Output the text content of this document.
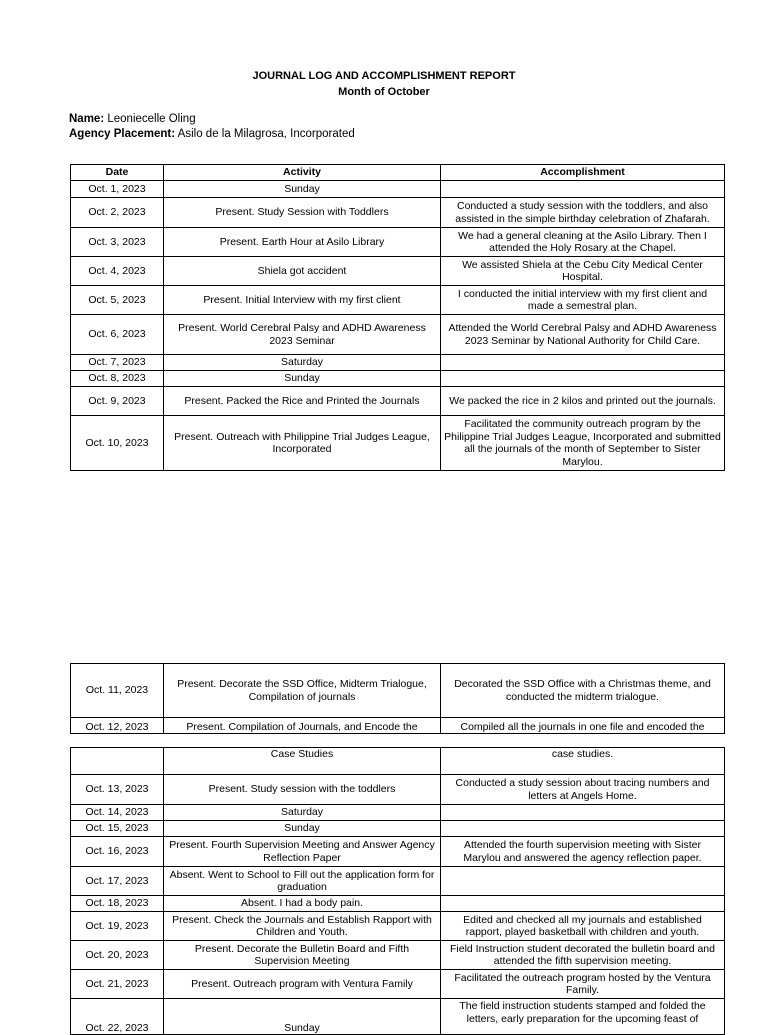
JOURNAL LOG AND ACCOMPLISHMENT REPORT
Month of October
Name: Leoniecelle Oling
Agency Placement: Asilo de la Milagrosa, Incorporated
Date	Activity	Accomplishment
Oct. 1, 2023	Sunday	
Oct. 2, 2023	Present. Study Session with Toddlers	Conducted a study session with the toddlers, and also assisted in the simple birthday celebration of Zhafarah.
Oct. 3, 2023	Present. Earth Hour at Asilo Library	We had a general cleaning at the Asilo Library. Then I attended the Holy Rosary at the Chapel.
Oct. 4, 2023	Shiela got accident	We assisted Shiela at the Cebu City Medical Center Hospital.
Oct. 5, 2023	Present. Initial Interview with my first client	I conducted the initial interview with my first client and made a semestral plan.
Oct. 6, 2023	Present. World Cerebral Palsy and ADHD Awareness 2023 Seminar	Attended the World Cerebral Palsy and ADHD Awareness 2023 Seminar by National Authority for Child Care.
Oct. 7, 2023	Saturday	
Oct. 8, 2023	Sunday	
Oct. 9, 2023	Present. Packed the Rice and Printed the Journals	We packed the rice in 2 kilos and printed out the journals.
Oct. 10, 2023	Present. Outreach with Philippine Trial Judges League, Incorporated	Facilitated the community outreach program by the Philippine Trial Judges League, Incorporated and submitted all the journals of the month of September to Sister Marylou.
Oct. 11, 2023	Present. Decorate the SSD Office, Midterm Trialogue, Compilation of journals	Decorated the SSD Office with a Christmas theme, and conducted the midterm trialogue.
Oct. 12, 2023	Present. Compilation of Journals, and Encode the	Compiled all the journals in one file and encoded the
	Case Studies	case studies.
Oct. 13, 2023	Present. Study session with the toddlers	Conducted a study session about tracing numbers and letters at Angels Home.
Oct. 14, 2023	Saturday	
Oct. 15, 2023	Sunday	
Oct. 16, 2023	Present. Fourth Supervision Meeting and Answer Agency Reflection Paper	Attended the fourth supervision meeting with Sister Marylou and answered the agency reflection paper.
Oct. 17, 2023	Absent. Went to School to Fill out the application form for graduation	
Oct. 18, 2023	Absent. I had a body pain.	
Oct. 19, 2023	Present. Check the Journals and Establish Rapport with Children and Youth.	Edited and checked all my journals and established rapport, played basketball with children and youth.
Oct. 20, 2023	Present. Decorate the Bulletin Board and Fifth Supervision Meeting	Field Instruction student decorated the bulletin board and attended the fifth supervision meeting.
Oct. 21, 2023	Present. Outreach program with Ventura Family	Facilitated the outreach program hosted by the Ventura Family.
Oct. 22, 2023	Sunday	The field instruction students stamped and folded the letters, early preparation for the upcoming feast of
